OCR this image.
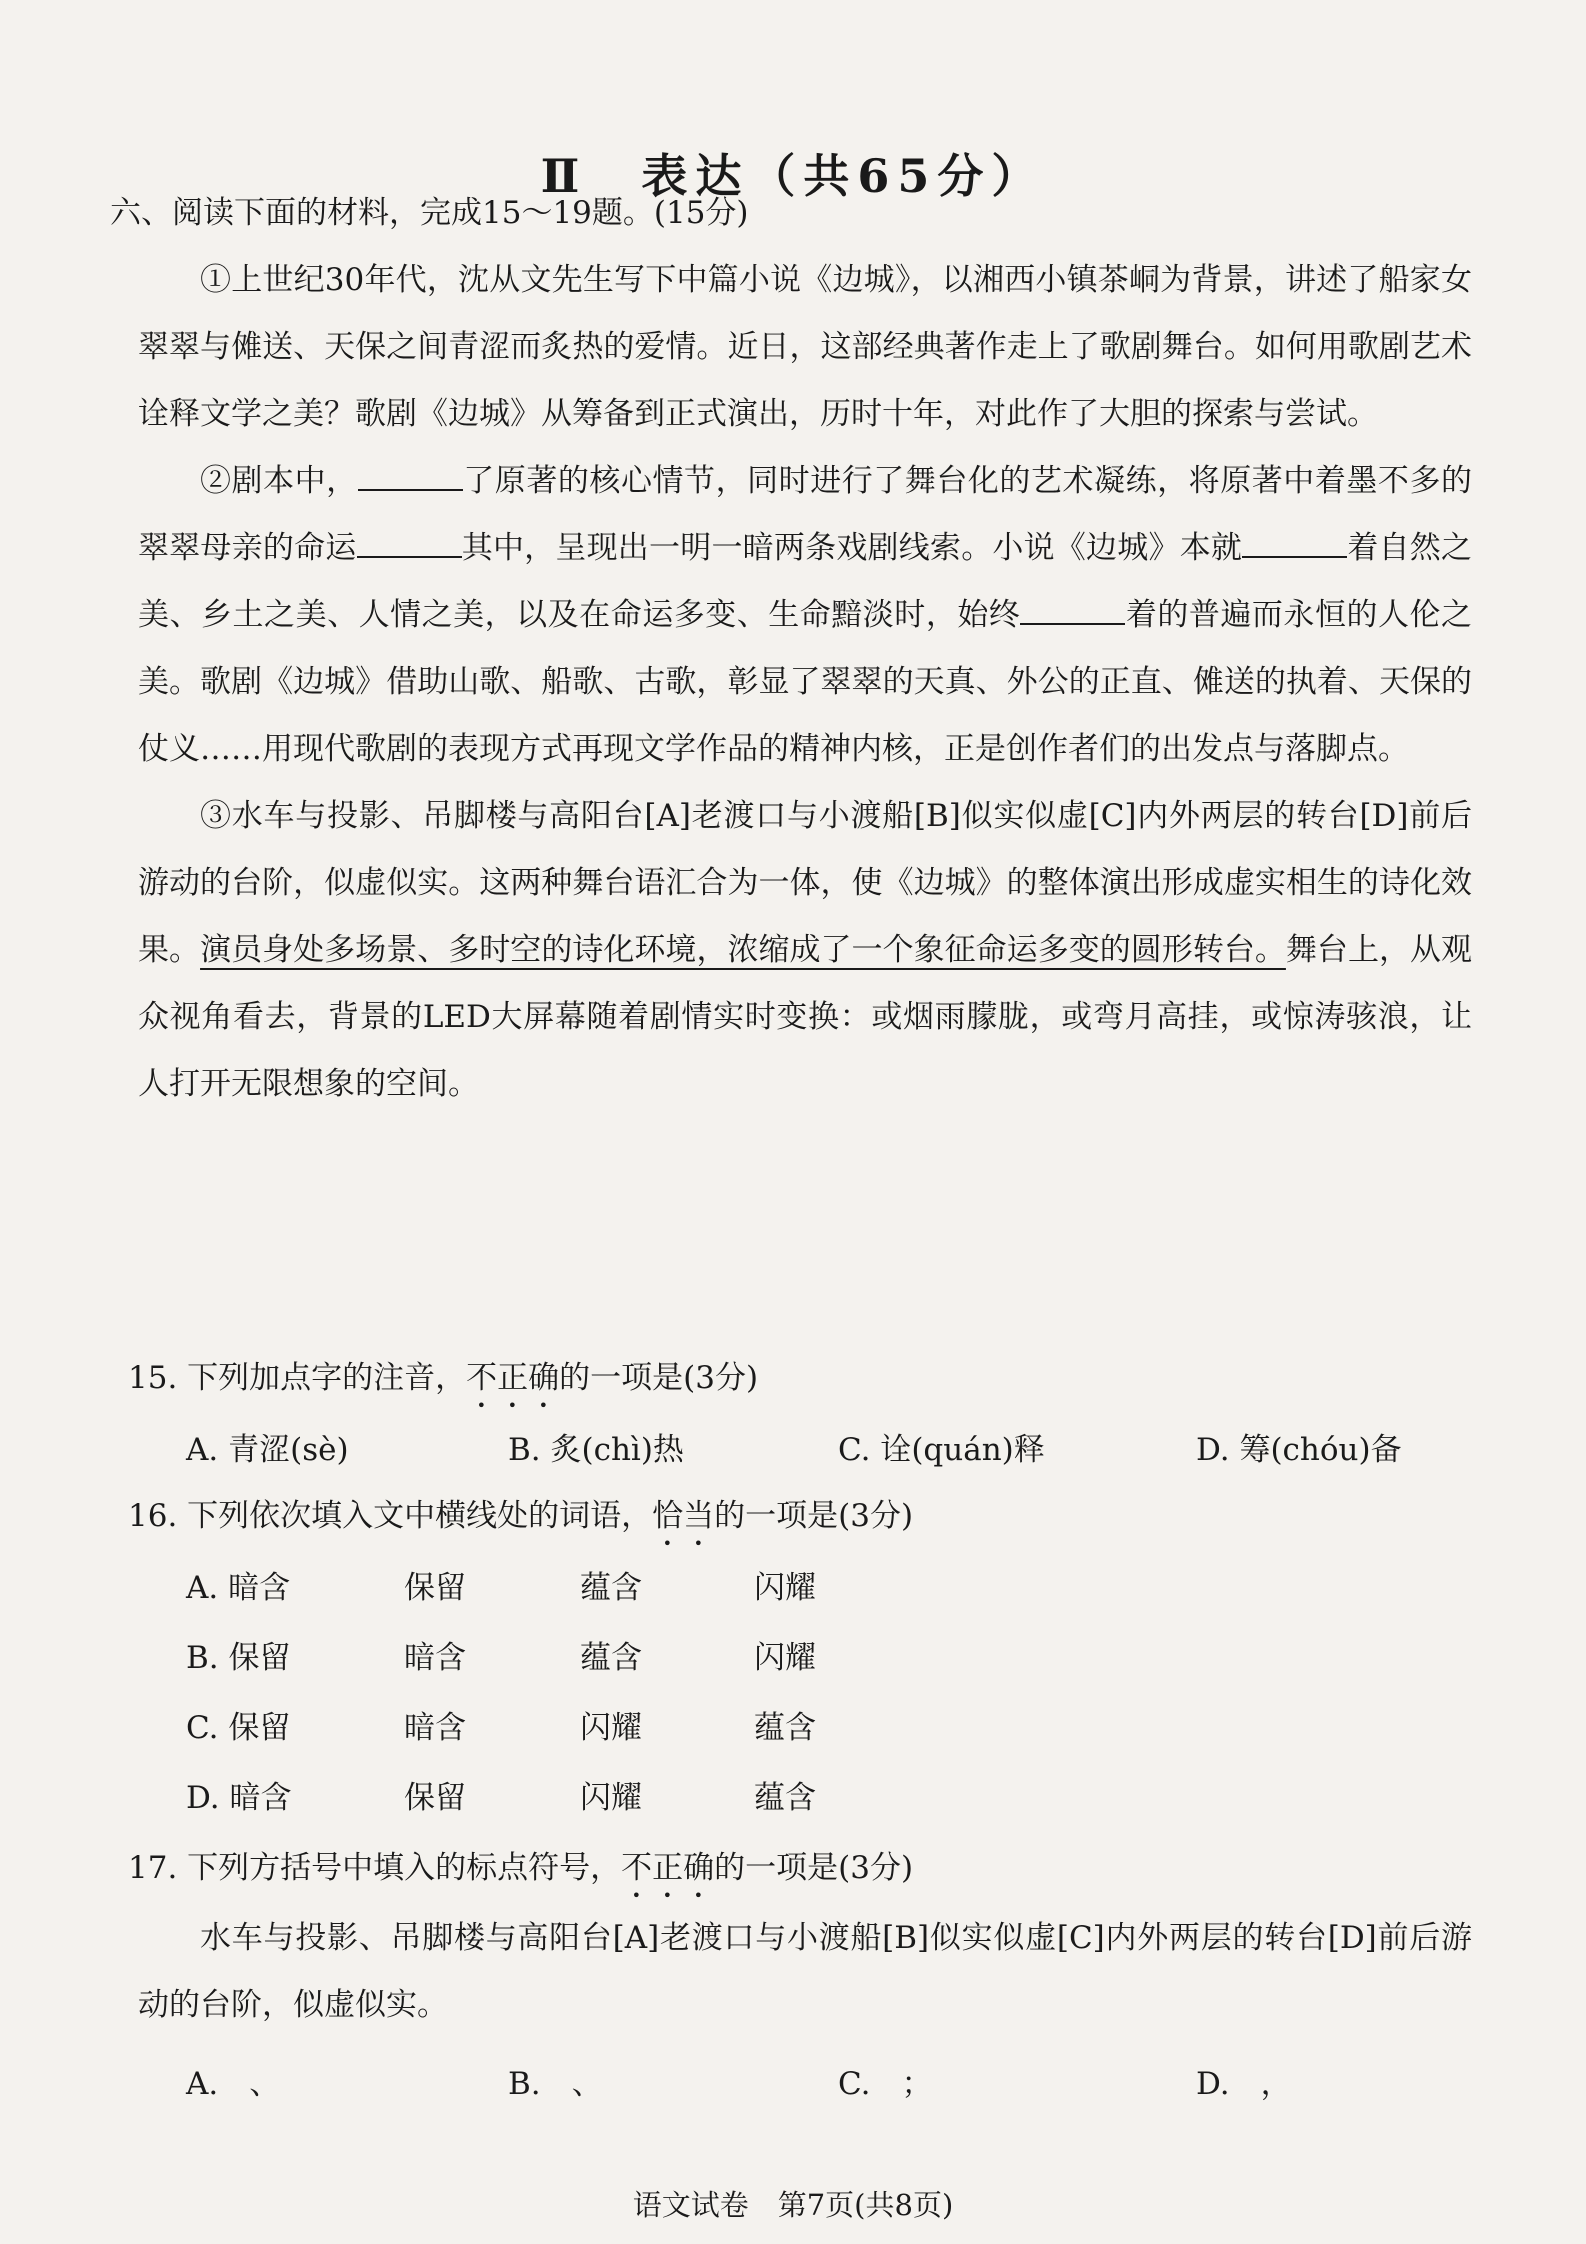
Ⅱ　表达（共65分）
六、阅读下面的材料，完成15～19题。(15分)

①上世纪30年代，沈从文先生写下中篇小说《边城》，以湘西小镇茶峒为背景，讲述了船家女翠翠与傩送、天保之间青涩而炙热的爱情。近日，这部经典著作走上了歌剧舞台。如何用歌剧艺术诠释文学之美？歌剧《边城》从筹备到正式演出，历时十年，对此作了大胆的探索与尝试。

②剧本中，	了原著的核心情节，同时进行了舞台化的艺术凝练，将原著中着墨不多的翠翠母亲的命运	其中，呈现出一明一暗两条戏剧线索。小说《边城》本就	着自然之美、乡土之美、人情之美，以及在命运多变、生命黯淡时，始终	着的普遍而永恒的人伦之美。歌剧《边城》借助山歌、船歌、古歌，彰显了翠翠的天真、外公的正直、傩送的执着、天保的仗义……用现代歌剧的表现方式再现文学作品的精神内核，正是创作者们的出发点与落脚点。

③水车与投影、吊脚楼与高阳台[A]老渡口与小渡船[B]似实似虚[C]内外两层的转台[D]前后游动的台阶，似虚似实。这两种舞台语汇合为一体，使《边城》的整体演出形成虚实相生的诗化效果。演员身处多场景、多时空的诗化环境，浓缩成了一个象征命运多变的圆形转台。舞台上，从观众视角看去，背景的LED大屏幕随着剧情实时变换：或烟雨朦胧，或弯月高挂，或惊涛骇浪，让人打开无限想象的空间。

15. 下列加点字的注音，不正确的一项是(3分)
A. 青涩(sè)	B. 炙(chì)热	C. 诠(quán)释	D. 筹(chóu)备
16. 下列依次填入文中横线处的词语，恰当的一项是(3分)
A. 暗含	保留	蕴含	闪耀
B. 保留	暗含	蕴含	闪耀
C. 保留	暗含	闪耀	蕴含
D. 暗含	保留	闪耀	蕴含
17. 下列方括号中填入的标点符号，不正确的一项是(3分)

水车与投影、吊脚楼与高阳台[A]老渡口与小渡船[B]似实似虚[C]内外两层的转台[D]前后游动的台阶，似虚似实。

A.　、	B.　、	C.　；	D.　，
语文试卷　第7页(共8页)
